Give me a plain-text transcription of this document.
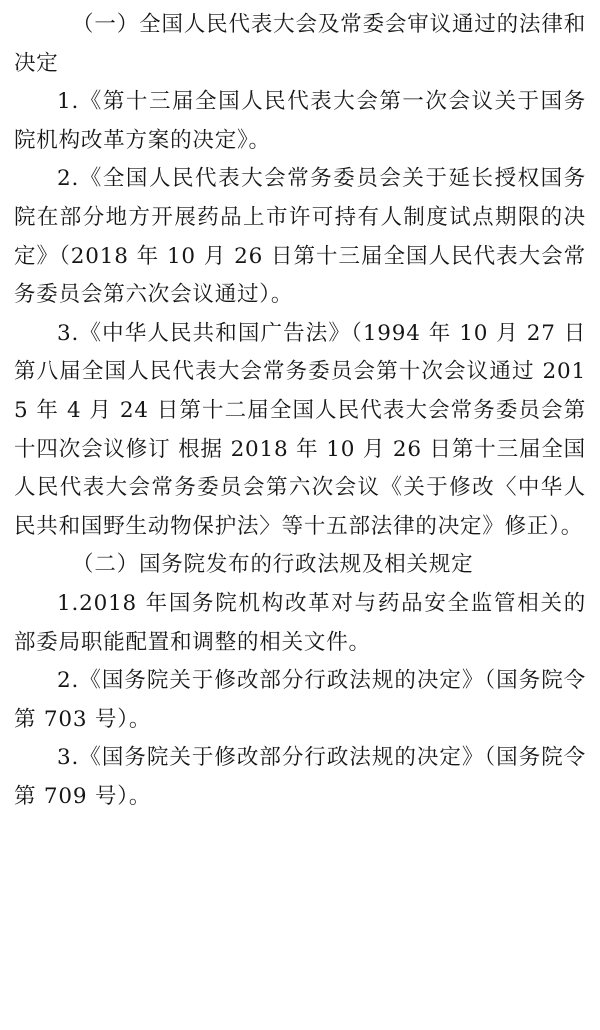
（一）全国人民代表大会及常委会审议通过的法律和决定

1.《第十三届全国人民代表大会第一次会议关于国务院机构改革方案的决定》。

2.《全国人民代表大会常务委员会关于延长授权国务院在部分地方开展药品上市许可持有人制度试点期限的决定》（2018 年 10 月 26 日第十三届全国人民代表大会常务委员会第六次会议通过）。

3.《中华人民共和国广告法》（1994 年 10 月 27 日第八届全国人民代表大会常务委员会第十次会议通过 2015 年 4 月 24 日第十二届全国人民代表大会常务委员会第十四次会议修订 根据 2018 年 10 月 26 日第十三届全国人民代表大会常务委员会第六次会议《关于修改〈中华人民共和国野生动物保护法〉等十五部法律的决定》修正）。

（二）国务院发布的行政法规及相关规定

1.2018 年国务院机构改革对与药品安全监管相关的部委局职能配置和调整的相关文件。

2.《国务院关于修改部分行政法规的决定》（国务院令第 703 号）。

3.《国务院关于修改部分行政法规的决定》（国务院令第 709 号）。
